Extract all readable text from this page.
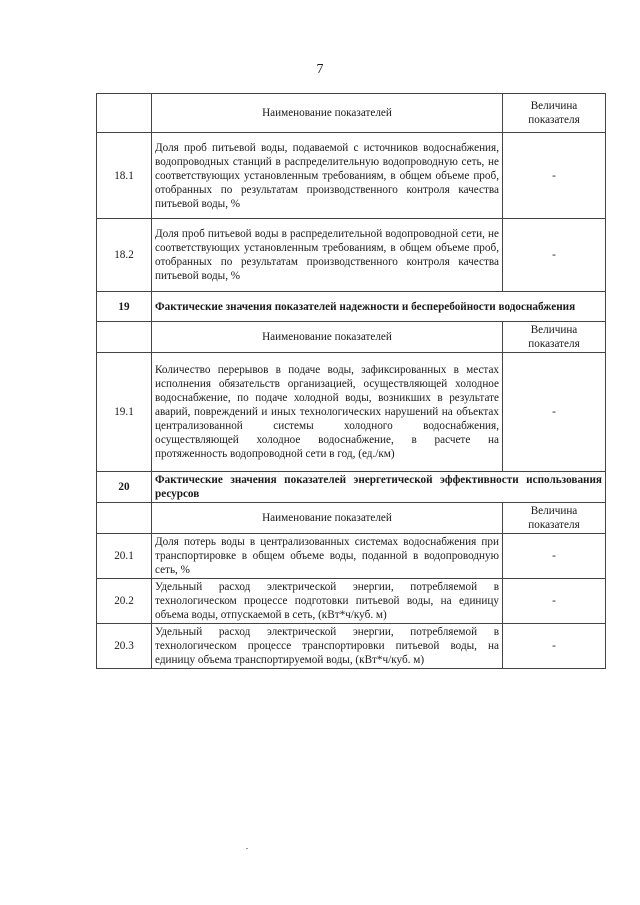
7
	Наименование показателей	Величина показателя
18.1	Доля проб питьевой воды, подаваемой с источников водоснабжения, водопроводных станций в распределительную водопроводную сеть, не соответствующих установленным требованиям, в общем объеме проб, отобранных по результатам производственного контроля качества питьевой воды, %	-
18.2	Доля проб питьевой воды в распределительной водопроводной сети, не соответствующих установленным требованиям, в общем объеме проб, отобранных по результатам производственного контроля качества питьевой воды, %	-
19	Фактические значения показателей надежности и бесперебойности водоснабжения	
	Наименование показателей	Величина показателя
19.1	Количество перерывов в подаче воды, зафиксированных в местах исполнения обязательств организацией, осуществляющей холодное водоснабжение, по подаче холодной воды, возникших в результате аварий, повреждений и иных технологических нарушений на объектах централизованной системы холодного водоснабжения, осуществляющей холодное водоснабжение, в расчете на протяженность водопроводной сети в год, (ед./км)	-
20	Фактические значения показателей энергетической эффективности использования ресурсов	
	Наименование показателей	Величина показателя
20.1	Доля потерь воды в централизованных системах водоснабжения при транспортировке в общем объеме воды, поданной в водопроводную сеть, %	-
20.2	Удельный расход электрической энергии, потребляемой в технологическом процессе подготовки питьевой воды, на единицу объема воды, отпускаемой в сеть, (кВт*ч/куб. м)	-
20.3	Удельный расход электрической энергии, потребляемой в технологическом процессе транспортировки питьевой воды, на единицу объема транспортируемой воды, (кВт*ч/куб. м)	-
